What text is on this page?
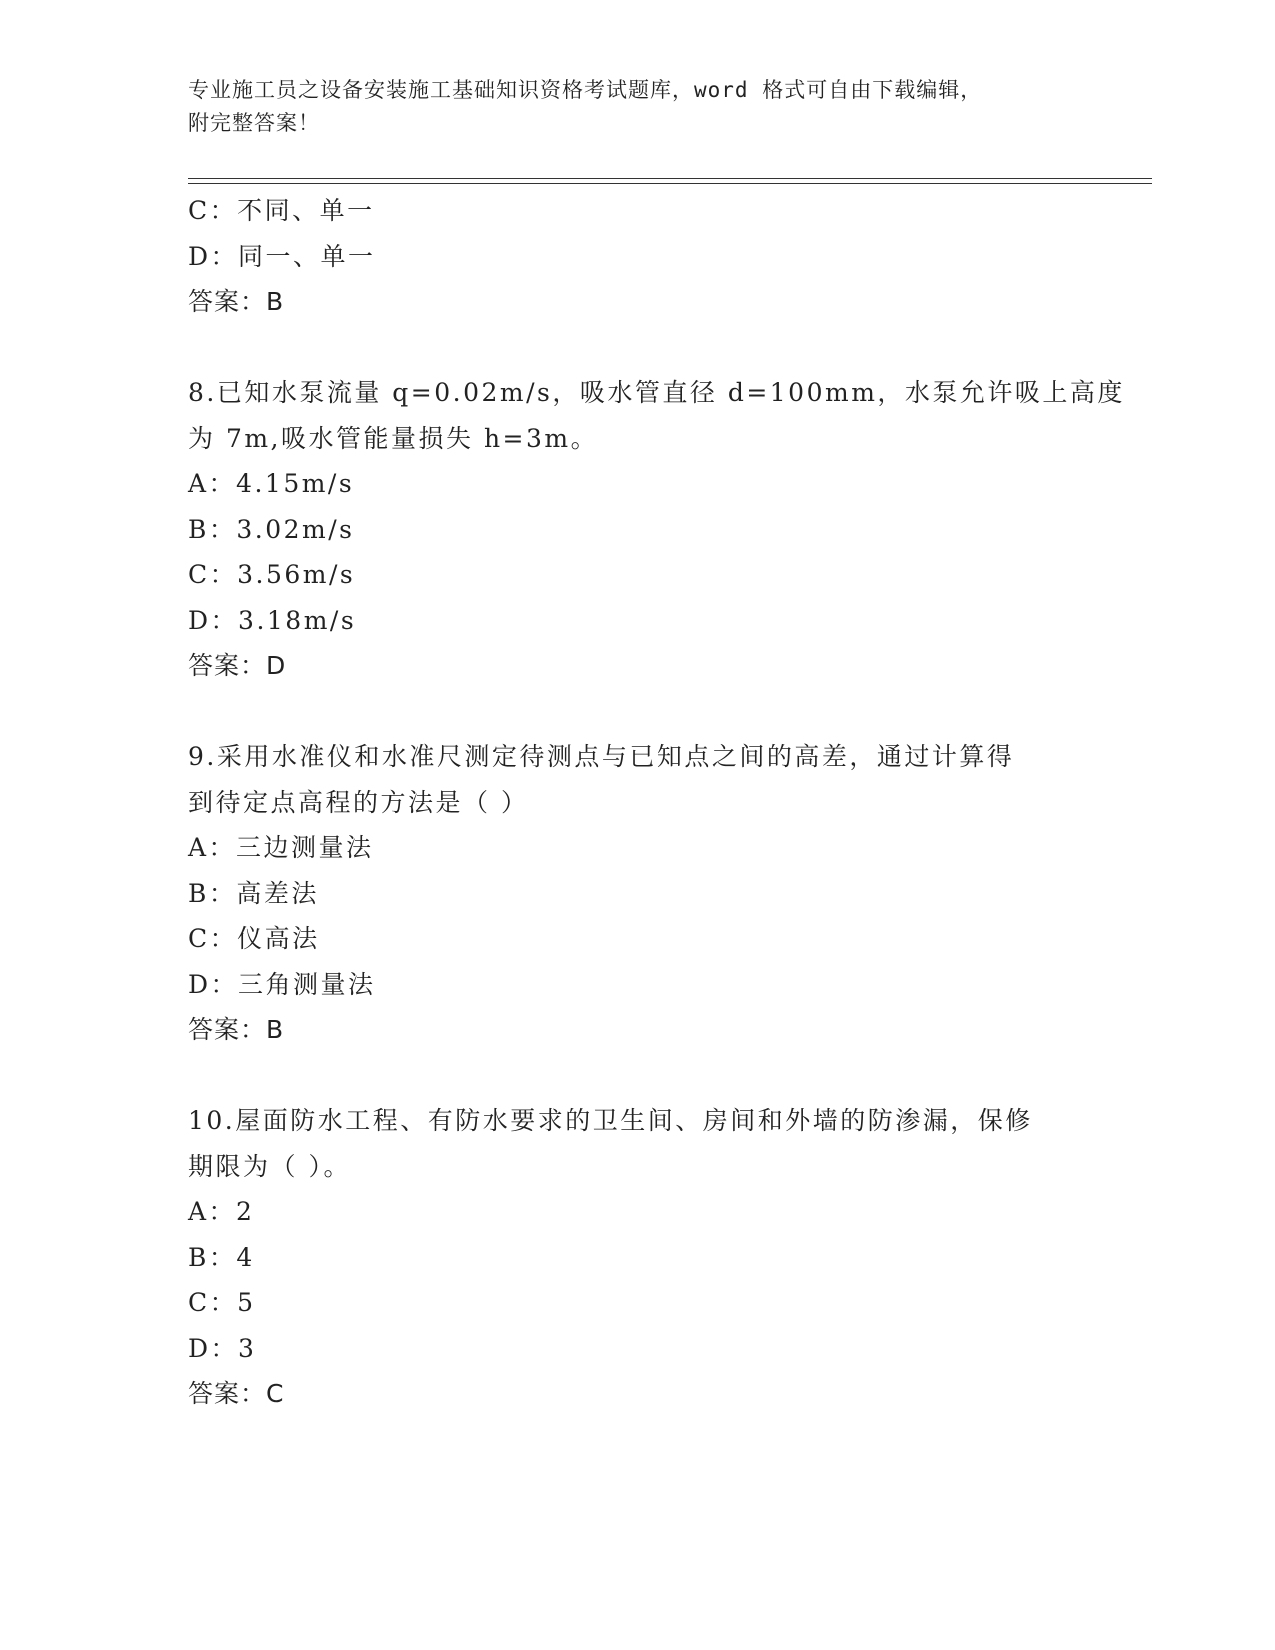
专业施工员之设备安装施工基础知识资格考试题库，word 格式可自由下载编辑，
附完整答案！
C：不同、单一
D：同一、单一
答案：B
8.已知水泵流量 q=0.02m/s，吸水管直径 d=100mm，水泵允许吸上高度
为 7m,吸水管能量损失 h=3m。
A：4.15m/s
B：3.02m/s
C：3.56m/s
D：3.18m/s
答案：D
9.采用水准仪和水准尺测定待测点与已知点之间的高差，通过计算得
到待定点高程的方法是（ ）
A：三边测量法
B：高差法
C：仪高法
D：三角测量法
答案：B
10.屋面防水工程、有防水要求的卫生间、房间和外墙的防渗漏，保修
期限为（ ）。
A：2
B：4
C：5
D：3
答案：C
